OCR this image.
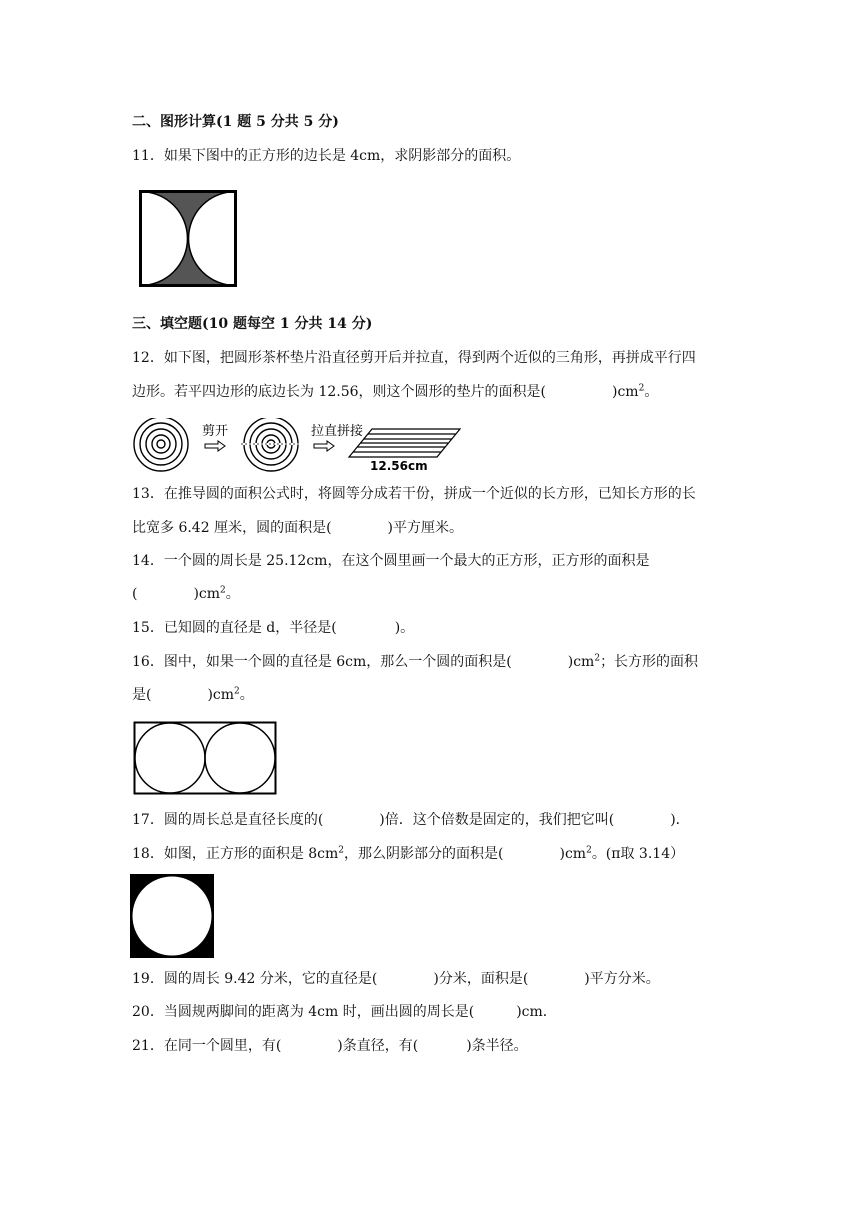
二、图形计算(1 题 5 分共 5 分)
11．如果下图中的正方形的边长是 4cm，求阴影部分的面积。
三、填空题(10 题每空 1 分共 14 分)
12．如下图，把圆形茶杯垫片沿直径剪开后并拉直，得到两个近似的三角形，再拼成平行四
边形。若平四边形的底边长为 12.56，则这个圆形的垫片的面积是(	)$cm^2$。
剪开	拉直拼接
12.56cm
13．在推导圆的面积公式时，将圆等分成若干份，拼成一个近似的长方形，已知长方形的长
比宽多 6.42 厘米，圆的面积是(	)平方厘米。
14．一个圆的周长是 25.12cm，在这个圆里画一个最大的正方形，正方形的面积是
(	)$cm^2$。
15．已知圆的直径是 d，半径是(	)。
16．图中，如果一个圆的直径是 6cm，那么一个圆的面积是(	)$cm^2$；长方形的面积
是(	)$cm^2$。
17．圆的周长总是直径长度的(	)倍．这个倍数是固定的，我们把它叫(	)．
18．如图，正方形的面积是 $8cm^2$，那么阴影部分的面积是(	)$cm^2$。(π取 3.14）
19．圆的周长 9.42 分米，它的直径是(	)分米，面积是(	)平方分米。
20．当圆规两脚间的距离为 4cm 时，画出圆的周长是(	)cm．
21．在同一个圆里，有(	)条直径，有(	)条半径。
